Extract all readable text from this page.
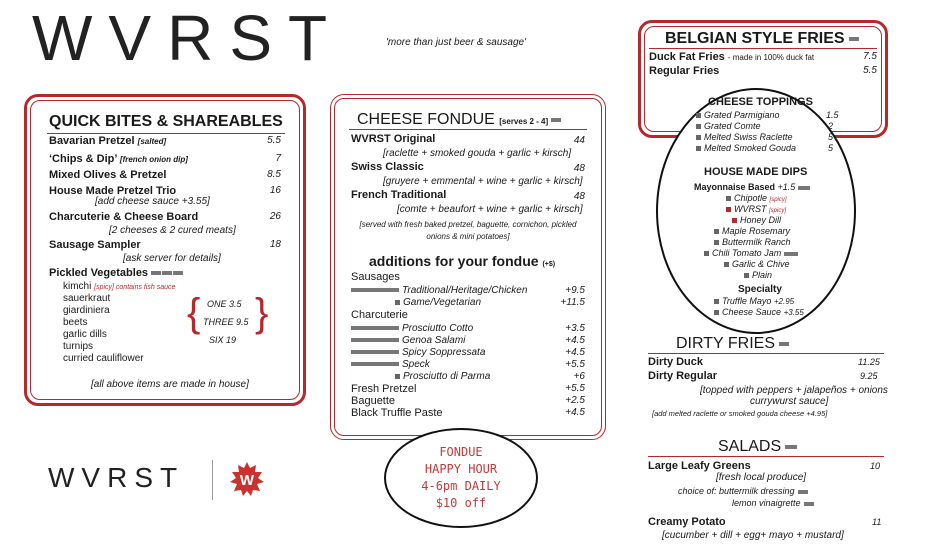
WVRST	'more than just beer & sausage'
QUICK BITES & SHAREABLES
Bavarian Pretzel [salted]	5.5
‘Chips & Dip’ [french onion dip]	7
Mixed Olives & Pretzel	8.5
House Made Pretzel Trio	16
[add cheese sauce +3.55]
Charcuterie & Cheese Board	26
[2 cheeses & 2 cured meats]
Sausage Sampler	18
[ask server for details]
Pickled Vegetables
kimchi [spicy] contains fish sauce
sauerkraut
giardiniera
beets
garlic dills
turnips
curried cauliflower
{ ONE 3.5
THREE 9.5
SIX 19
}
[all above items are made in house]
CHEESE FONDUE [serves 2 - 4]
WVRST Original	44
[raclette + smoked gouda + garlic + kirsch]
Swiss Classic	48
[gruyere + emmental + wine + garlic + kirsch]
French Traditional	48
[comte + beaufort + wine + garlic + kirsch]
[served with fresh baked pretzel, baguette, cornichon, pickled onions & mini potatoes]
additions for your fondue (+$)
Sausages
Traditional/Heritage/Chicken	+9.5
Game/Vegetarian	+11.5
Charcuterie
Prosciutto Cotto	+3.5
Genoa Salami	+4.5
Spicy Soppressata	+4.5
Speck	+5.5
Prosciutto di Parma	+6
Fresh Pretzel	+5.5
Baguette	+2.5
Black Truffle Paste	+4.5
FONDUE
HAPPY HOUR
4-6pm DAILY
$10 off
WVRST	W
BELGIAN STYLE FRIES
Duck Fat Fries - made in 100% duck fat	7.5
Regular Fries	5.5
CHEESE TOPPINGS
Grated Parmigiano	1.5
Grated Comte	2
Melted Swiss Raclette	5
Melted Smoked Gouda	5
HOUSE MADE DIPS
Mayonnaise Based +1.5
Chipotle [spicy]
WVRST [spicy]
Honey Dill
Maple Rosemary
Buttermilk Ranch
Chili Tomato Jam
Garlic & Chive
Plain
Specialty
Truffle Mayo +2.95
Cheese Sauce +3.55
DIRTY FRIES
Dirty Duck	11.25
Dirty Regular	9.25
[topped with peppers + jalapeños + onions
currywurst sauce]
[add melted raclette or smoked gouda cheese +4.95]
SALADS
Large Leafy Greens	10
[fresh local produce]
choice of: buttermilk dressing
lemon vinaigrette
Creamy Potato	11
[cucumber + dill + egg+ mayo + mustard]
